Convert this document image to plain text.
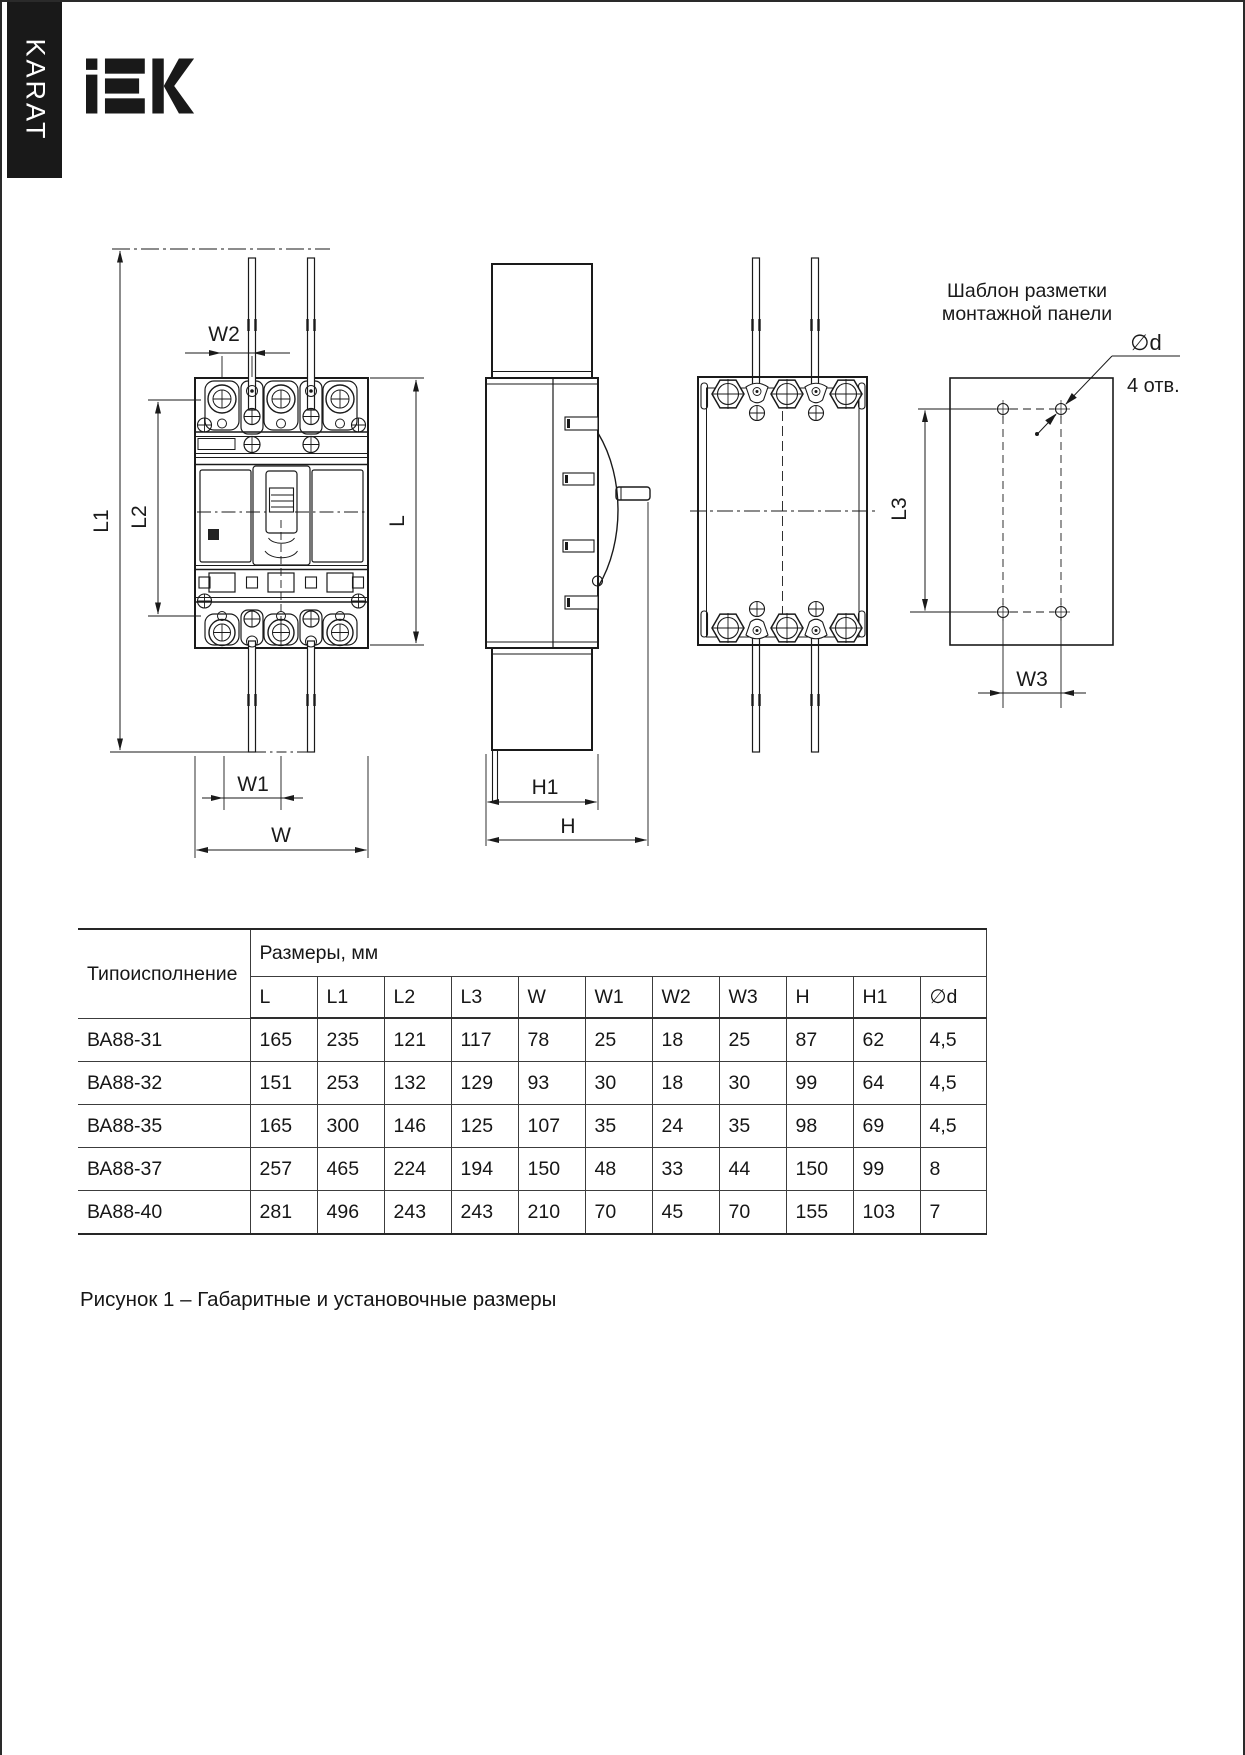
KARAT
W2
L1 L2	L
W1
W
H1
H
L3
W3
∅d
4 отв.
Шаблон разметки
монтажной панели
Типоисполнение	Размеры, мм										
	L	L1	L2	L3	W	W1	W2	W3	H	H1	∅d
ВА88-31	165	235	121	117	78	25	18	25	87	62	4,5
ВА88-32	151	253	132	129	93	30	18	30	99	64	4,5
ВА88-35	165	300	146	125	107	35	24	35	98	69	4,5
ВА88-37	257	465	224	194	150	48	33	44	150	99	8
ВА88-40	281	496	243	243	210	70	45	70	155	103	7
Рисунок 1 – Габаритные и установочные размеры
